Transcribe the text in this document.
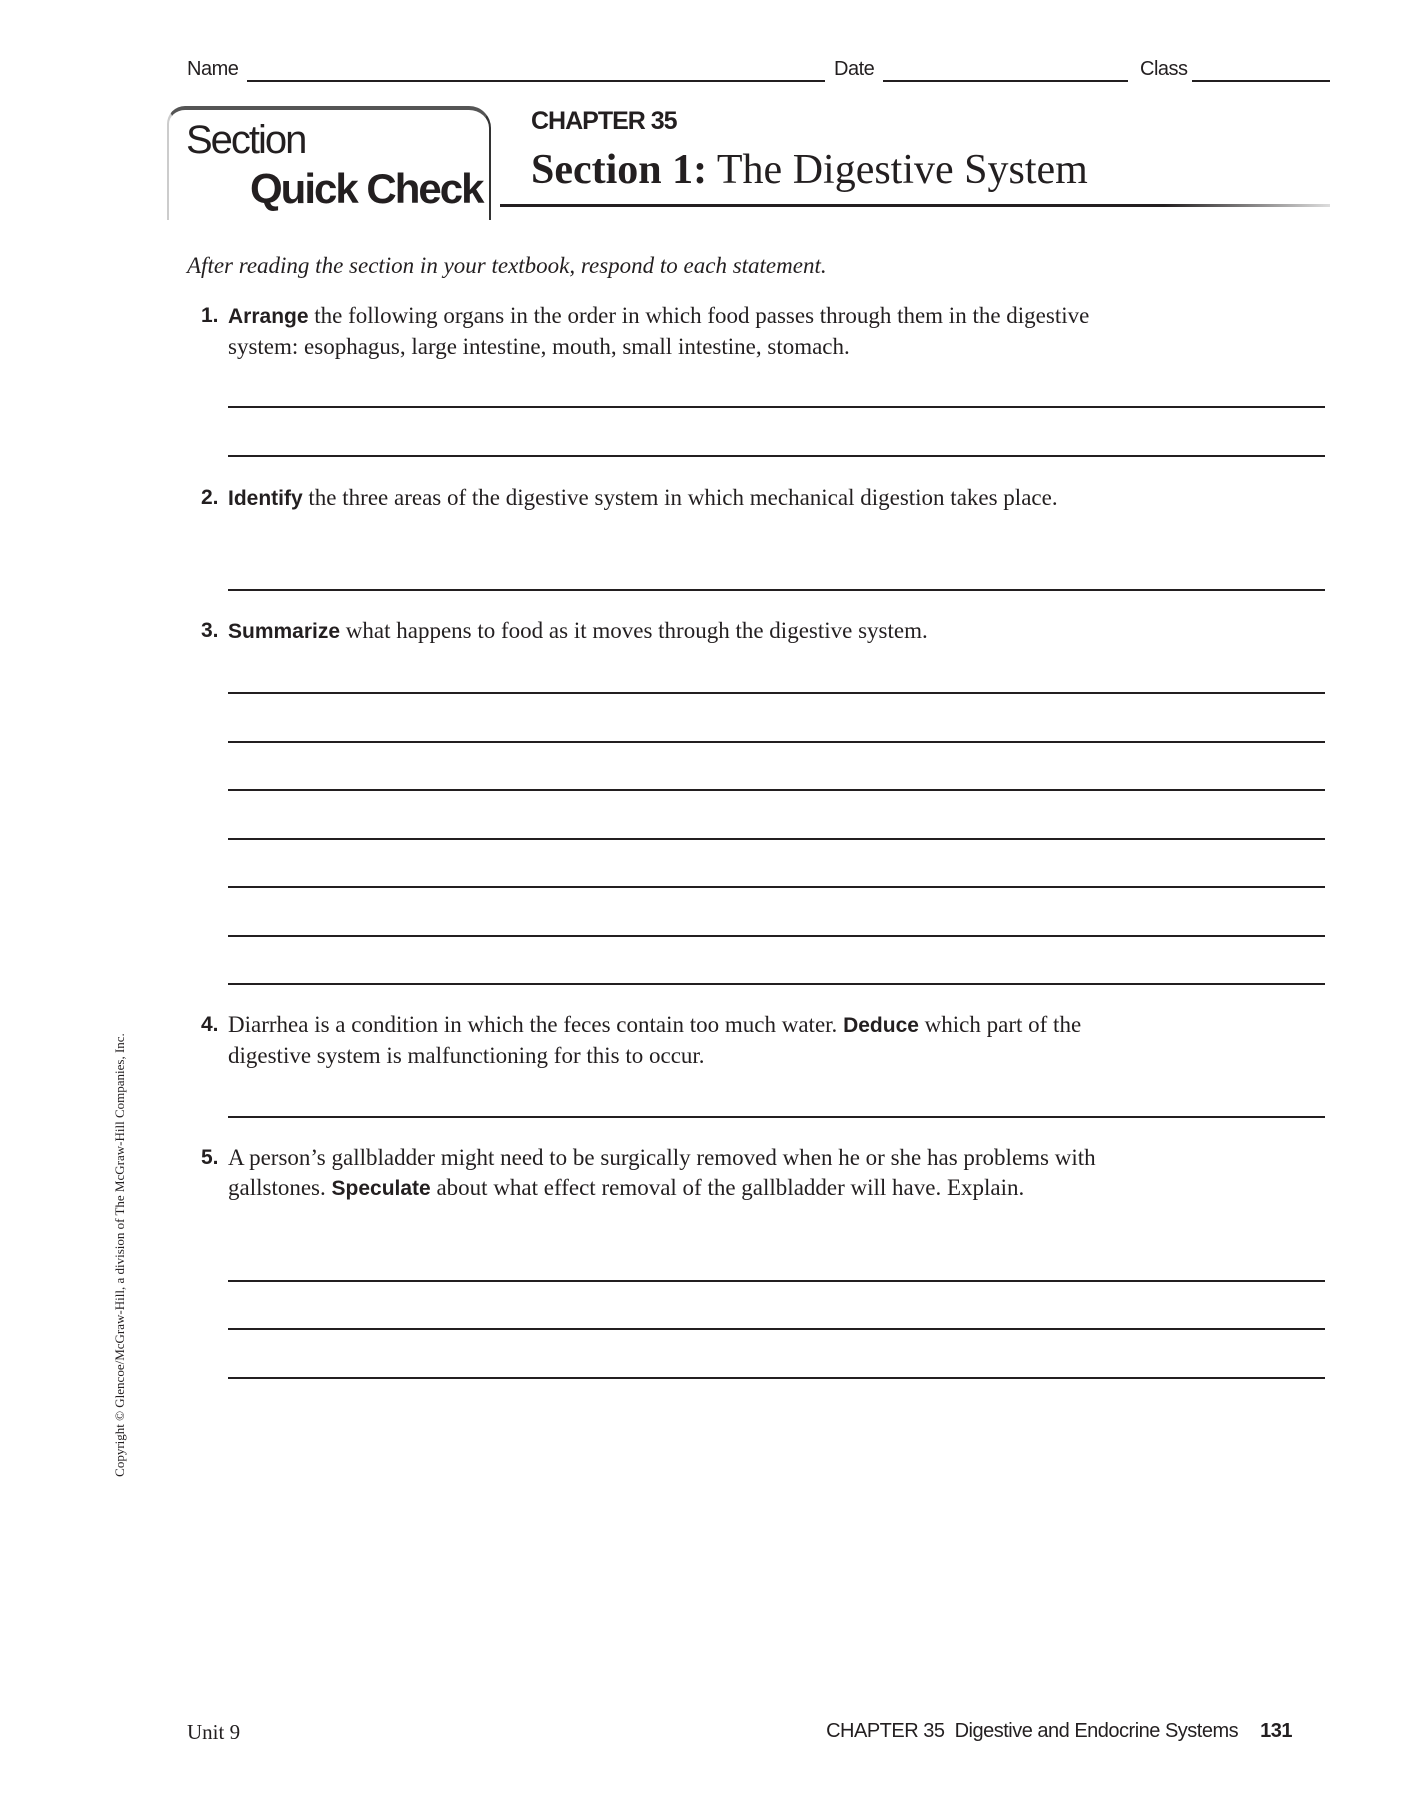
Name	Date	Class
Section
Quick Check
CHAPTER 35
Section 1: The Digestive System
After reading the section in your textbook, respond to each statement.
1. Arrange the following organs in the order in which food passes through them in the digestive system: esophagus, large intestine, mouth, small intestine, stomach.
2. Identify the three areas of the digestive system in which mechanical digestion takes place.
3. Summarize what happens to food as it moves through the digestive system.
4. Diarrhea is a condition in which the feces contain too much water. Deduce which part of the digestive system is malfunctioning for this to occur.
5. A person’s gallbladder might need to be surgically removed when he or she has problems with gallstones. Speculate about what effect removal of the gallbladder will have. Explain.
Copyright © Glencoe/McGraw-Hill, a division of The McGraw-Hill Companies, Inc.
Unit 9	CHAPTER 35  Digestive and Endocrine Systems 131
